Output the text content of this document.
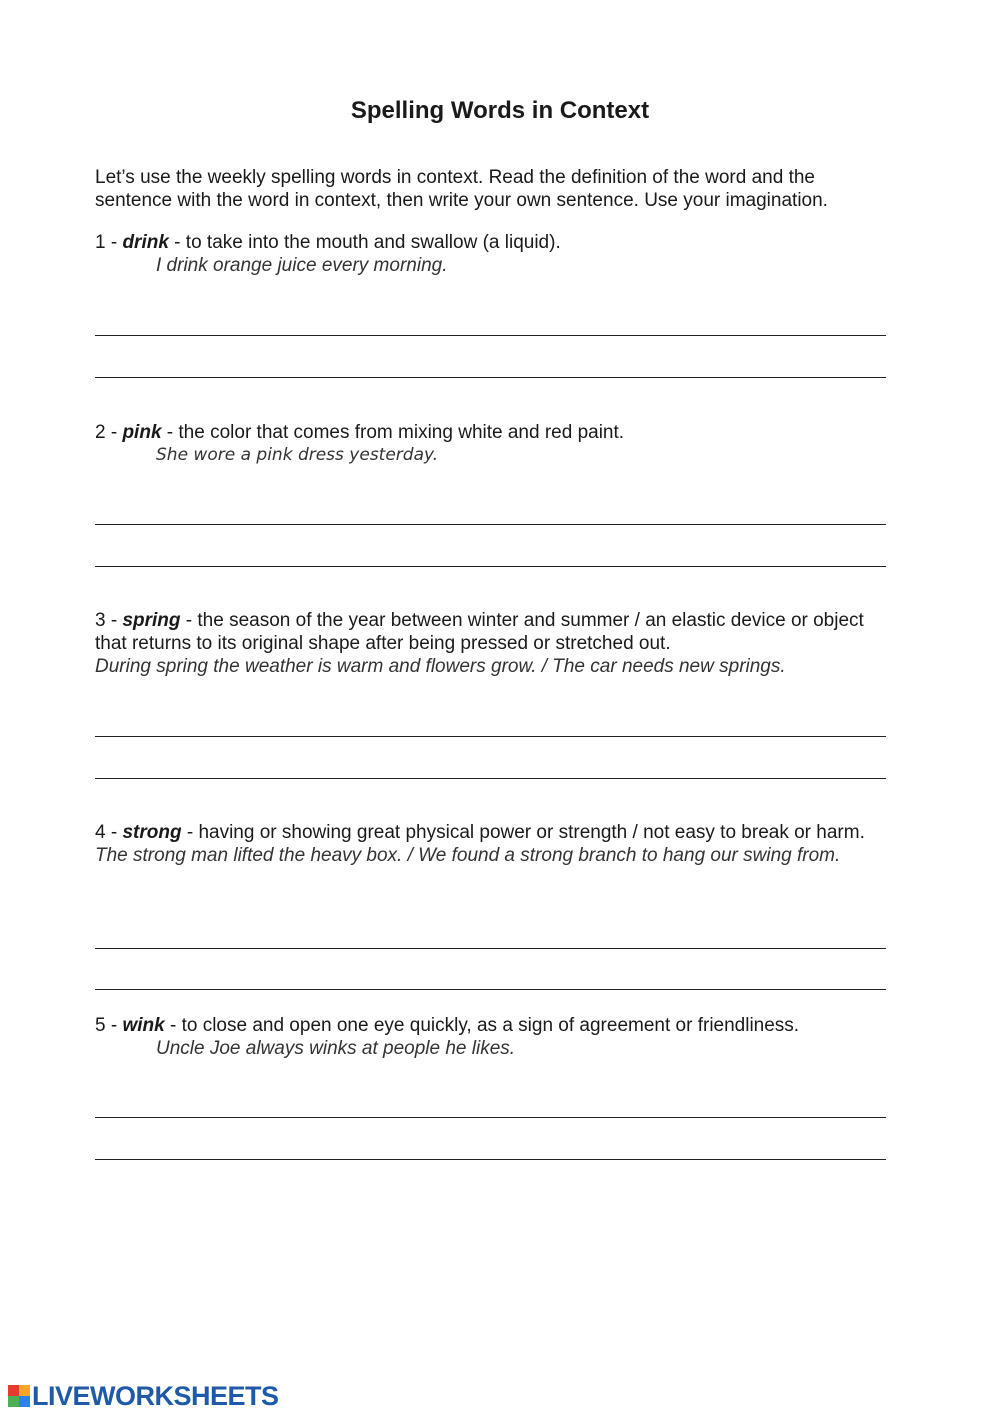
Spelling Words in Context
Let’s use the weekly spelling words in context. Read the definition of the word and the sentence with the word in context, then write your own sentence. Use your imagination.
1 - drink - to take into the mouth and swallow (a liquid).
I drink orange juice every morning.
2 - pink - the color that comes from mixing white and red paint.
She wore a pink dress yesterday.
3 - spring - the season of the year between winter and summer / an elastic device or object that returns to its original shape after being pressed or stretched out.
During spring the weather is warm and flowers grow. / The car needs new springs.
4 - strong - having or showing great physical power or strength / not easy to break or harm.
The strong man lifted the heavy box. / We found a strong branch to hang our swing from.
5 - wink - to close and open one eye quickly, as a sign of agreement or friendliness.
Uncle Joe always winks at people he likes.
LIVEWORKSHEETS
